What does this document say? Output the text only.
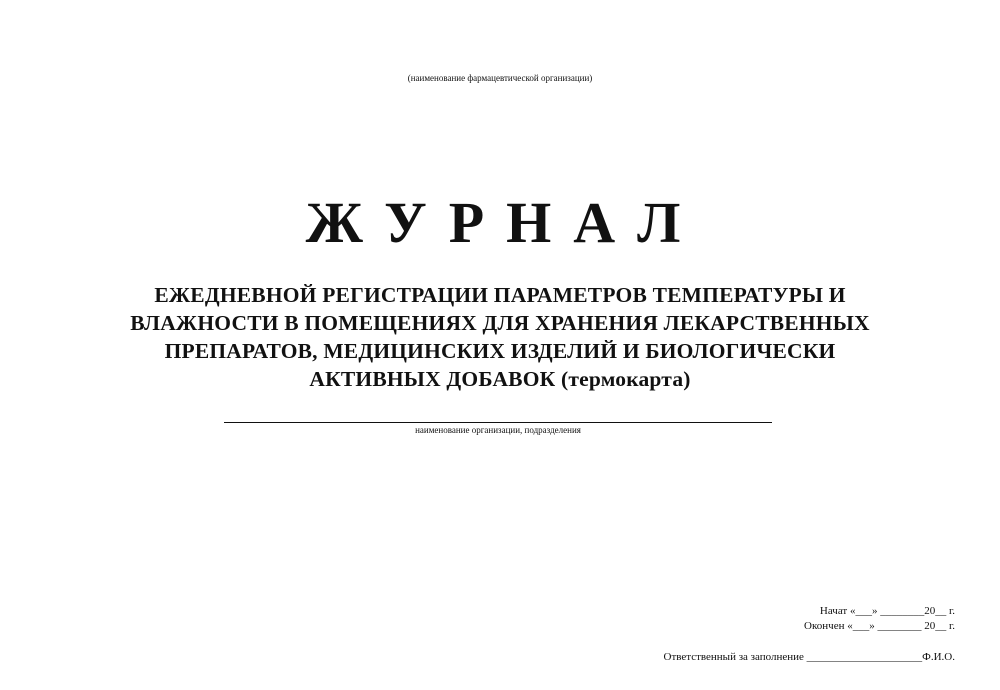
(наименование фармацевтической организации)
ЖУРНАЛ
ЕЖЕДНЕВНОЙ РЕГИСТРАЦИИ ПАРАМЕТРОВ ТЕМПЕРАТУРЫ И
ВЛАЖНОСТИ В ПОМЕЩЕНИЯХ ДЛЯ ХРАНЕНИЯ ЛЕКАРСТВЕННЫХ
ПРЕПАРАТОВ, МЕДИЦИНСКИХ ИЗДЕЛИЙ И БИОЛОГИЧЕСКИ
АКТИВНЫХ ДОБАВОК (термокарта)
наименование организации, подразделения
Начат «___» ________20__ г.
Окончен «___» ________ 20__ г.
Ответственный за заполнение _____________________Ф.И.О.
